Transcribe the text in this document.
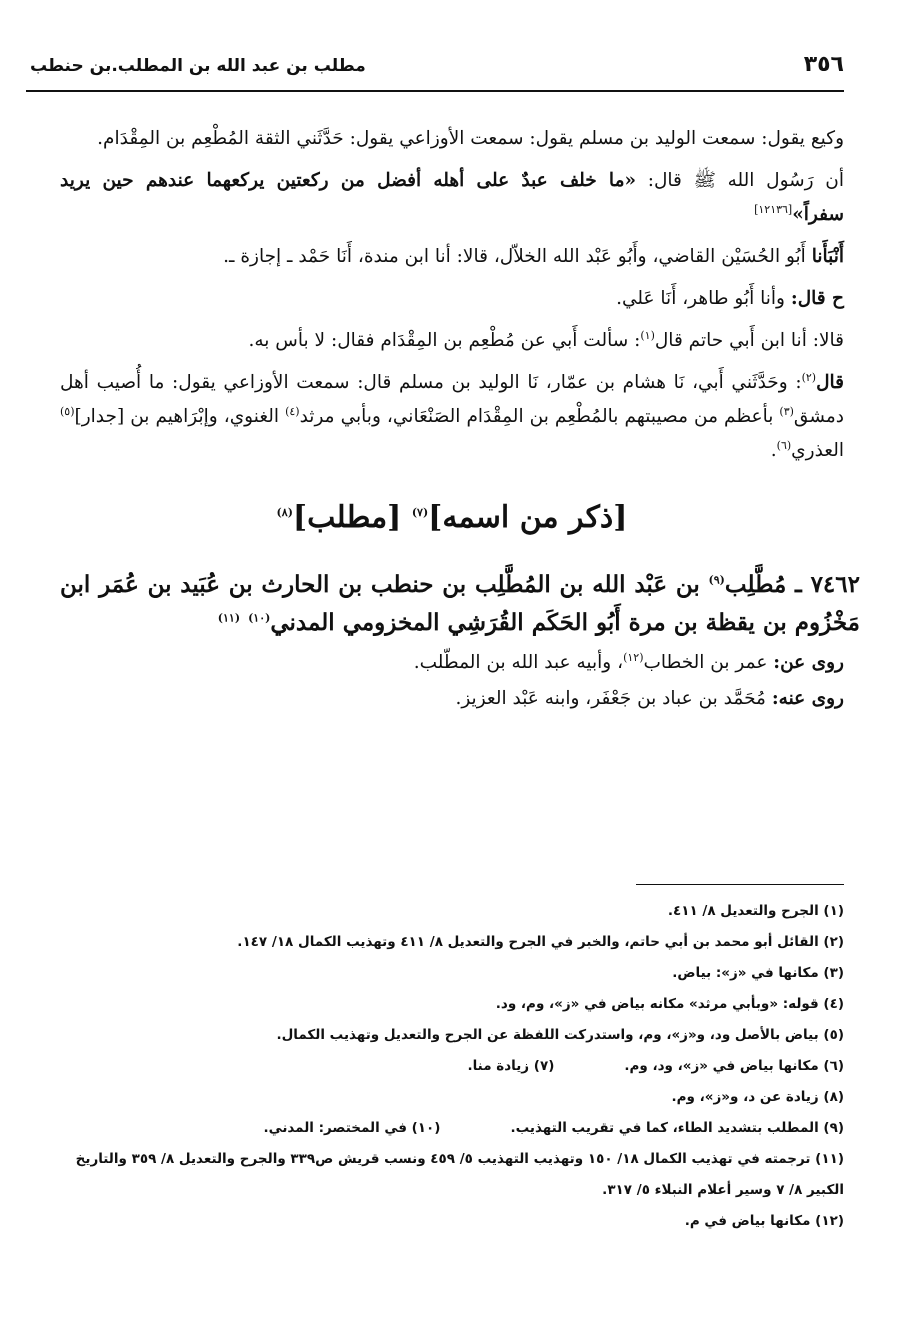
٣٥٦
مطلب بن عبد الله بن المطلب.بن حنطب

وكيع يقول: سمعت الوليد بن مسلم يقول: سمعت الأوزاعي يقول: حَدَّثَني الثقة المُطْعِم بن المِقْدَام.

أن رَسُول الله ﷺ قال: «ما خلف عبدٌ على أهله أفضل من ركعتين يركعهما عندهم حين يريد سفراً»[١٢١٣٦]

أَنْبَأَنا أَبُو الحُسَيْن القاضي، وأَبُو عَبْد الله الخلاّل، قالا: أنا ابن مندة، أَنَا حَمْد ـ إجازة ـ.

ح قال: وأنا أَبُو طاهر، أَنَا عَلي.

قالا: أنا ابن أَبي حاتم قال$^{(١)}$: سألت أَبي عن مُطْعِم بن المِقْدَام فقال: لا بأس به.

قال$^{(٢)}$: وحَدَّثَني أَبي، نَا هشام بن عمّار، نَا الوليد بن مسلم قال: سمعت الأوزاعي يقول: ما أُصيب أهل دمشق$^{(٣)}$ بأعظم من مصيبتهم بالمُطْعِم بن المِقْدَام الصَنْعَاني، وبأبي مرثد$^{(٤)}$ الغنوي، وإبْرَاهيم بن [جدار]$^{(٥)}$ العذري$^{(٦)}$.

[ذكر من اسمه]$^{(٧)}$ [مطلب]$^{(٨)}$
٧٤٦٢ ـ مُطَّلِب$^{(٩)}$ بن عَبْد الله بن المُطَّلِب بن حنطب بن الحارث بن عُبَيد بن عُمَر ابن مَخْزُوم بن يقظة بن مرة أَبُو الحَكَم القُرَشِي المخزومي المدني$^{(١٠)}$ $^{(١١)}$

روى عن: عمر بن الخطاب$^{(١٢)}$، وأبيه عبد الله بن المطّلب.

روى عنه: مُحَمَّد بن عباد بن جَعْفَر، وابنه عَبْد العزيز.

(١) الجرح والتعديل ٨/ ٤١١.

(٢) القائل أبو محمد بن أبي حاتم، والخبر في الجرح والتعديل ٨/ ٤١١ وتهذيب الكمال ١٨/ ١٤٧.

(٣) مكانها في «ز»: بياض.

(٤) قوله: «وبأبي مرثد» مكانه بياض في «ز»، وم، ود.

(٥) بياض بالأصل ود، و«ز»، وم، واستدركت اللفظة عن الجرح والتعديل وتهذيب الكمال.

(٦) مكانها بياض في «ز»، ود، وم.
(٧) زيادة منا.

(٨) زيادة عن د، و«ز»، وم.

(٩) المطلب بتشديد الطاء، كما في تقريب التهذيب.
(١٠) في المختصر: المدني.

(١١) ترجمته في تهذيب الكمال ١٨/ ١٥٠ وتهذيب التهذيب ٥/ ٤٥٩ ونسب قريش ص٣٣٩ والجرح والتعديل ٨/ ٣٥٩ والتاريخ الكبير ٨/ ٧ وسير أعلام النبلاء ٥/ ٣١٧.

(١٢) مكانها بياض في م.
